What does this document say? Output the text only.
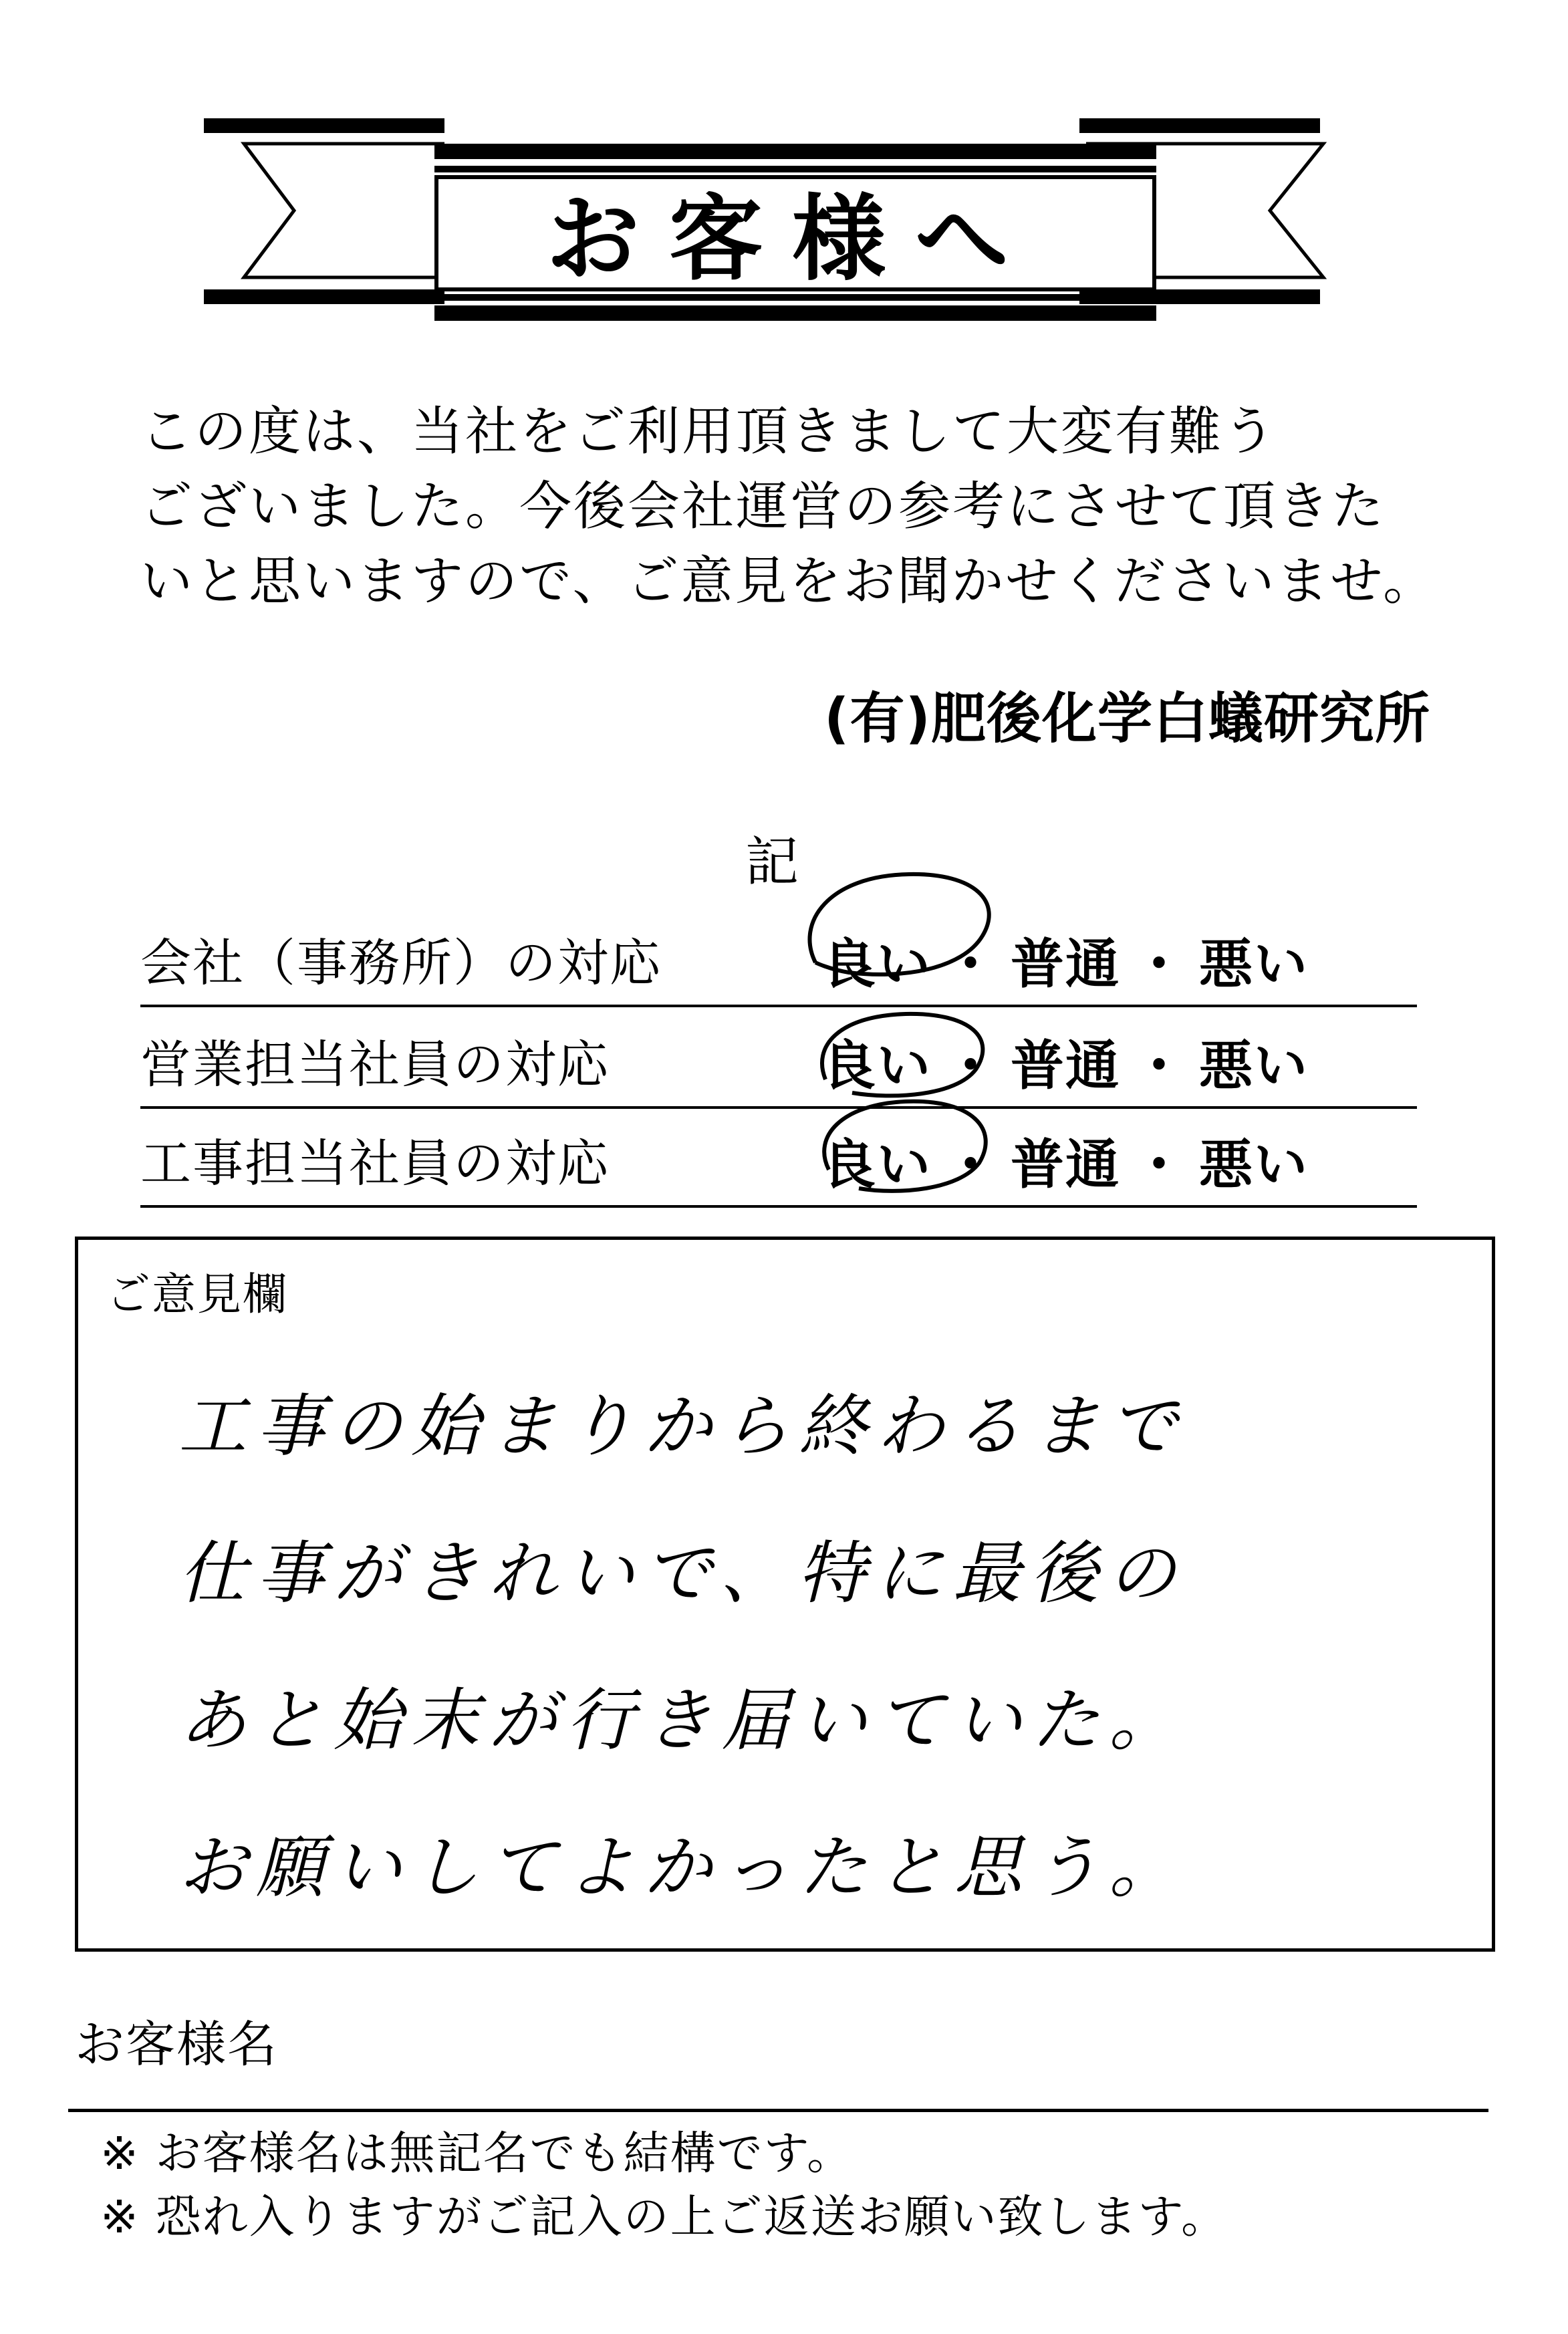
お客様へ
この度は、当社をご利用頂きまして大変有難う
ございました。今後会社運営の参考にさせて頂きた
いと思いますので、ご意見をお聞かせくださいませ。
(有)肥後化学白蟻研究所
記
会社（事務所）の対応	良い ・ 普通 ・ 悪い
営業担当社員の対応	良い ・ 普通 ・ 悪い
工事担当社員の対応	良い ・ 普通 ・ 悪い
ご意見欄
工事の始まりから終わるまで
仕事がきれいで、特に最後の
あと始末が行き届いていた。
お願いしてよかったと思う。
お客様名
※ お客様名は無記名でも結構です。
※ 恐れ入りますがご記入の上ご返送お願い致します。
